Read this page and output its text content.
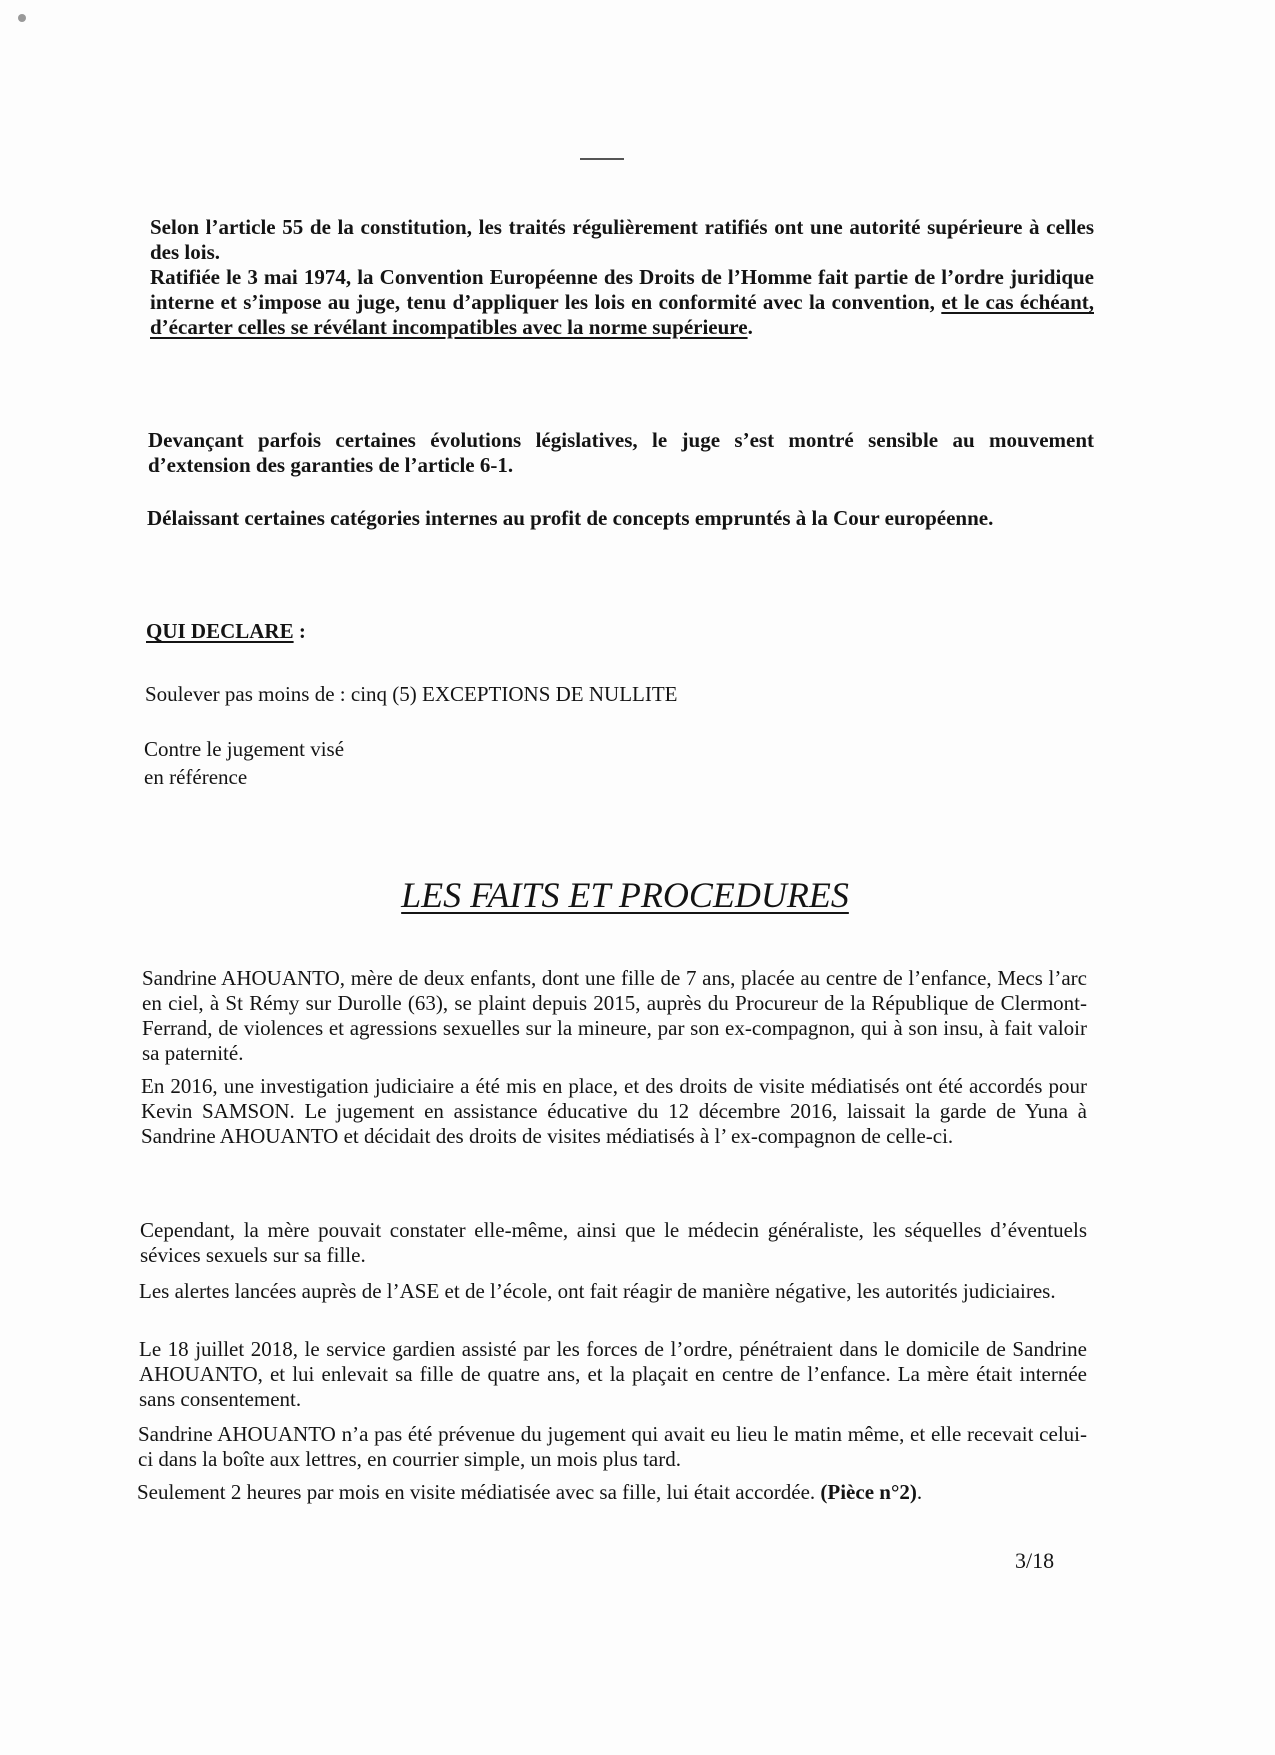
Selon l’article 55 de la constitution, les traités régulièrement ratifiés ont une autorité supérieure à celles des lois.
Ratifiée le 3 mai 1974, la Convention Européenne des Droits de l’Homme fait partie de l’ordre juridique interne et s’impose au juge, tenu d’appliquer les lois en conformité avec la convention, et le cas échéant, d’écarter celles se révélant incompatibles avec la norme supérieure.

Devançant parfois certaines évolutions législatives, le juge s’est montré sensible au mouvement d’extension des garanties de l’article 6-1.

Délaissant certaines catégories internes au profit de concepts empruntés à la Cour européenne.

QUI DECLARE :

Soulever pas moins de : cinq (5) EXCEPTIONS DE NULLITE

Contre le jugement visé
en référence

LES FAITS ET PROCEDURES

Sandrine AHOUANTO, mère de deux enfants, dont une fille de 7 ans, placée au centre de l’enfance, Mecs l’arc en ciel, à St Rémy sur Durolle (63), se plaint depuis 2015, auprès du Procureur de la République de Clermont-Ferrand, de violences et agressions sexuelles sur la mineure, par son ex-compagnon, qui à son insu, à fait valoir sa paternité.

En 2016, une investigation judiciaire a été mis en place, et des droits de visite médiatisés ont été accordés pour Kevin SAMSON. Le jugement en assistance éducative du 12 décembre 2016, laissait la garde de Yuna à Sandrine AHOUANTO et décidait des droits de visites médiatisés à l’ ex-compagnon de celle-ci.

Cependant, la mère pouvait constater elle-même, ainsi que le médecin généraliste, les séquelles d’éventuels sévices sexuels sur sa fille.

Les alertes lancées auprès de l’ASE et de l’école, ont fait réagir de manière négative, les autorités judiciaires.

Le 18 juillet 2018, le service gardien assisté par les forces de l’ordre, pénétraient dans le domicile de Sandrine AHOUANTO, et lui enlevait sa fille de quatre ans, et la plaçait en centre de l’enfance. La mère était internée sans consentement.

Sandrine AHOUANTO n’a pas été prévenue du jugement qui avait eu lieu le matin même, et elle recevait celui-ci dans la boîte aux lettres, en courrier simple, un mois plus tard.

Seulement 2 heures par mois en visite médiatisée avec sa fille, lui était accordée. (Pièce n°2).

3/18
